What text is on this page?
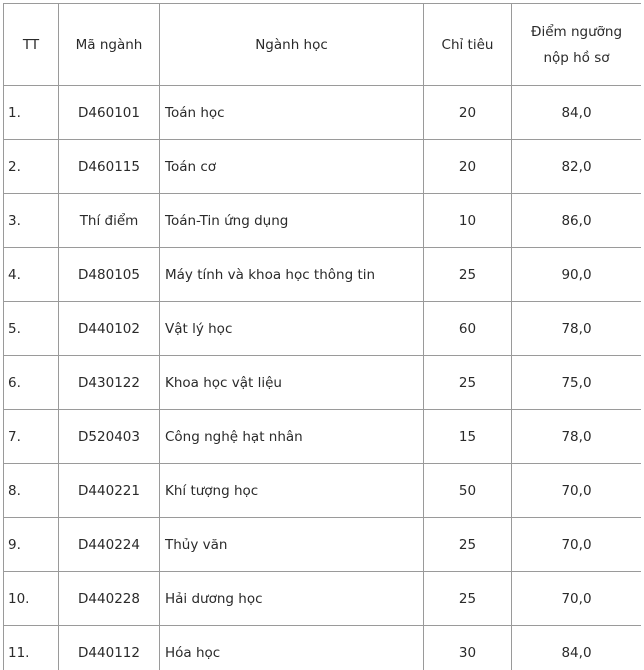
TT	Mã ngành	Ngành học	Chỉ tiêu	Điểm ngưỡng
nộp hồ sơ

1.	D460101	Toán học	20	84,0
2.	D460115	Toán cơ	20	82,0
3.	Thí điểm	Toán-Tin ứng dụng	10	86,0
4.	D480105	Máy tính và khoa học thông tin	25	90,0
5.	D440102	Vật lý học	60	78,0
6.	D430122	Khoa học vật liệu	25	75,0
7.	D520403	Công nghệ hạt nhân	15	78,0
8.	D440221	Khí tượng học	50	70,0
9.	D440224	Thủy văn	25	70,0
10.	D440228	Hải dương học	25	70,0
11.	D440112	Hóa học	30	84,0
